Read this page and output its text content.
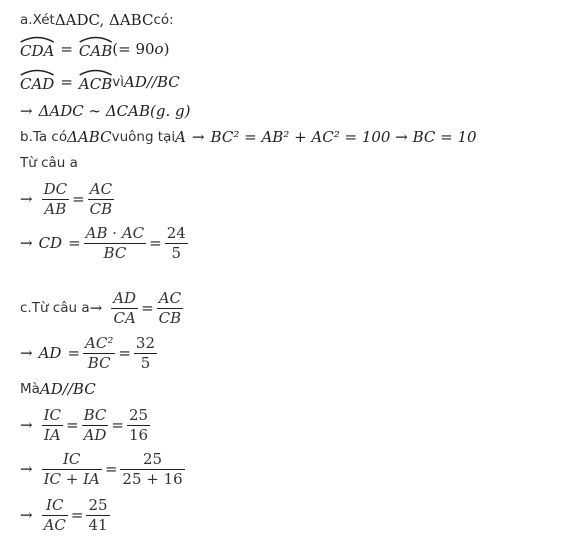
a.Xét ΔADC, ΔABC có:
CDA = CAB (= 90 o )
CAD = ACB vì AD//BC
→ ΔADC ∼ ΔCAB(g. g)
b.Ta có ΔABC vuông tại A → BC² = AB² + AC² = 100 → BC = 10
Từ câu a
→ $\frac{DC}{AB} = \frac{AC}{CB}$
→ CD = $\frac{AB \cdot AC}{BC} = \frac{24}{5}$
c.Từ câu $a \to \frac{AD}{CA} = \frac{AC}{CB}$
→ AD = $\frac{\text{AC²}}{BC} = \frac{32}{5}$
Mà AD//BC
→ $\frac{IC}{IA} = \frac{BC}{AD} = \frac{25}{16}$
→ $\frac{IC}{IC + IA} = \frac{25}{25 + 16}$
→ $\frac{IC}{AC} = \frac{25}{41}$
